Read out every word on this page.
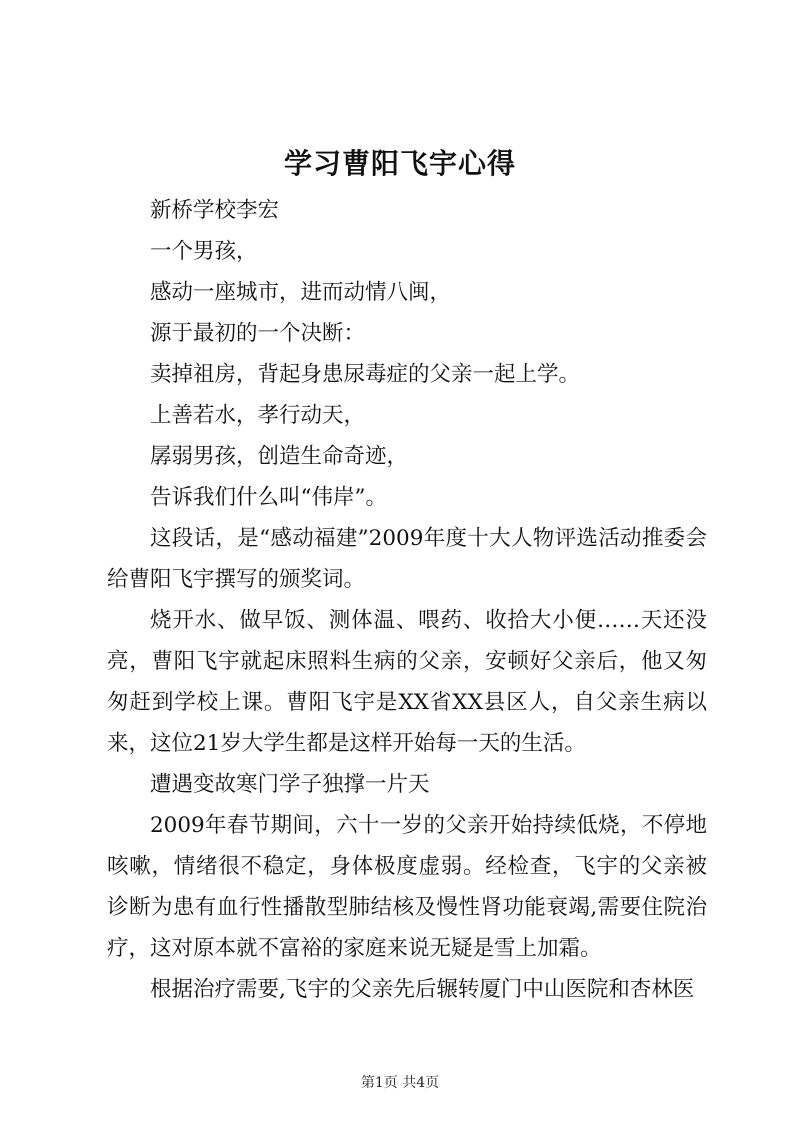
学习曹阳飞宇心得

新桥学校李宏

一个男孩，

感动一座城市，进而动情八闽，

源于最初的一个决断：

卖掉祖房，背起身患尿毒症的父亲一起上学。

上善若水，孝行动天，

孱弱男孩，创造生命奇迹，

告诉我们什么叫“伟岸”。

这段话，是“感动福建”2009年度十大人物评选活动推委会给曹阳飞宇撰写的颁奖词。

烧开水、做早饭、测体温、喂药、收拾大小便……天还没亮，曹阳飞宇就起床照料生病的父亲，安顿好父亲后，他又匆匆赶到学校上课。曹阳飞宇是XX省XX县区人，自父亲生病以来，这位21岁大学生都是这样开始每一天的生活。

遭遇变故寒门学子独撑一片天

2009年春节期间，六十一岁的父亲开始持续低烧，不停地咳嗽，情绪很不稳定，身体极度虚弱。经检查，飞宇的父亲被诊断为患有血行性播散型肺结核及慢性肾功能衰竭,需要住院治疗，这对原本就不富裕的家庭来说无疑是雪上加霜。

根据治疗需要,飞宇的父亲先后辗转厦门中山医院和杏林医

第1页 共4页
